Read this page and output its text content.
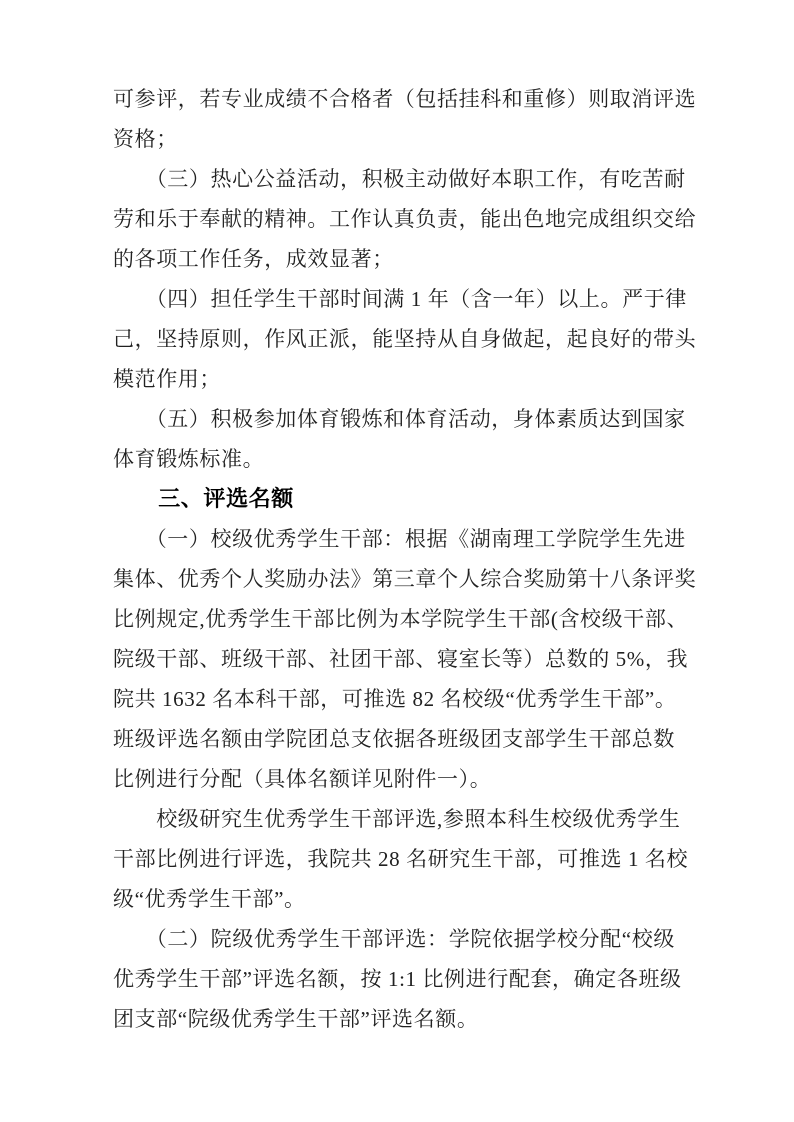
可参评，若专业成绩不合格者（包括挂科和重修）则取消评选
资格；
　　（三）热心公益活动，积极主动做好本职工作，有吃苦耐
劳和乐于奉献的精神。工作认真负责，能出色地完成组织交给
的各项工作任务，成效显著；
　　（四）担任学生干部时间满 1 年（含一年）以上。严于律
己，坚持原则，作风正派，能坚持从自身做起，起良好的带头
模范作用；
　　（五）积极参加体育锻炼和体育活动，身体素质达到国家
体育锻炼标准。
　　三、评选名额
　　（一）校级优秀学生干部：根据《湖南理工学院学生先进
集体、优秀个人奖励办法》第三章个人综合奖励第十八条评奖
比例规定,优秀学生干部比例为本学院学生干部(含校级干部、
院级干部、班级干部、社团干部、寝室长等）总数的 5%，我
院共 1632 名本科干部，可推选 82 名校级“优秀学生干部”。
班级评选名额由学院团总支依据各班级团支部学生干部总数
比例进行分配（具体名额详见附件一）。
　　校级研究生优秀学生干部评选,参照本科生校级优秀学生
干部比例进行评选，我院共 28 名研究生干部，可推选 1 名校
级“优秀学生干部”。
　　（二）院级优秀学生干部评选：学院依据学校分配“校级
优秀学生干部”评选名额，按 1:1 比例进行配套，确定各班级
团支部“院级优秀学生干部”评选名额。
